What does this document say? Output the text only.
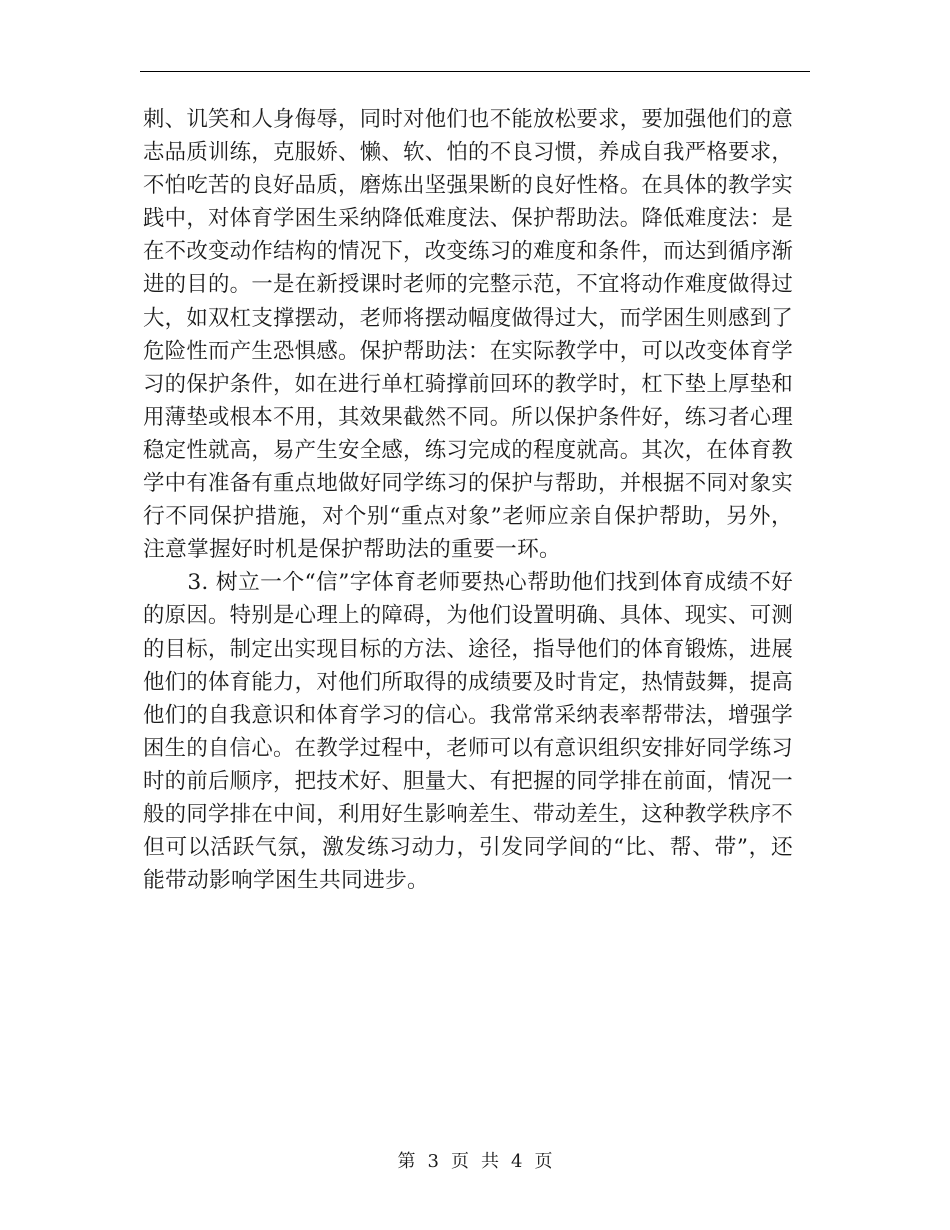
刺、讥笑和人身侮辱，同时对他们也不能放松要求，要加强他们的意
志品质训练，克服娇、懒、软、怕的不良习惯，养成自我严格要求，
不怕吃苦的良好品质，磨炼出坚强果断的良好性格。在具体的教学实
践中，对体育学困生采纳降低难度法、保护帮助法。降低难度法：是
在不改变动作结构的情况下，改变练习的难度和条件，而达到循序渐
进的目的。一是在新授课时老师的完整示范，不宜将动作难度做得过
大，如双杠支撑摆动，老师将摆动幅度做得过大，而学困生则感到了
危险性而产生恐惧感。保护帮助法：在实际教学中，可以改变体育学
习的保护条件，如在进行单杠骑撑前回环的教学时，杠下垫上厚垫和
用薄垫或根本不用，其效果截然不同。所以保护条件好，练习者心理
稳定性就高，易产生安全感，练习完成的程度就高。其次，在体育教
学中有准备有重点地做好同学练习的保护与帮助，并根据不同对象实
行不同保护措施，对个别“重点对象”老师应亲自保护帮助，另外，
注意掌握好时机是保护帮助法的重要一环。
　　3. 树立一个“信”字体育老师要热心帮助他们找到体育成绩不好
的原因。特别是心理上的障碍，为他们设置明确、具体、现实、可测
的目标，制定出实现目标的方法、途径，指导他们的体育锻炼，进展
他们的体育能力，对他们所取得的成绩要及时肯定，热情鼓舞，提高
他们的自我意识和体育学习的信心。我常常采纳表率帮带法，增强学
困生的自信心。在教学过程中，老师可以有意识组织安排好同学练习
时的前后顺序，把技术好、胆量大、有把握的同学排在前面，情况一
般的同学排在中间，利用好生影响差生、带动差生，这种教学秩序不
但可以活跃气氛，激发练习动力，引发同学间的“比、帮、带”，还
能带动影响学困生共同进步。
第 3 页 共 4 页
